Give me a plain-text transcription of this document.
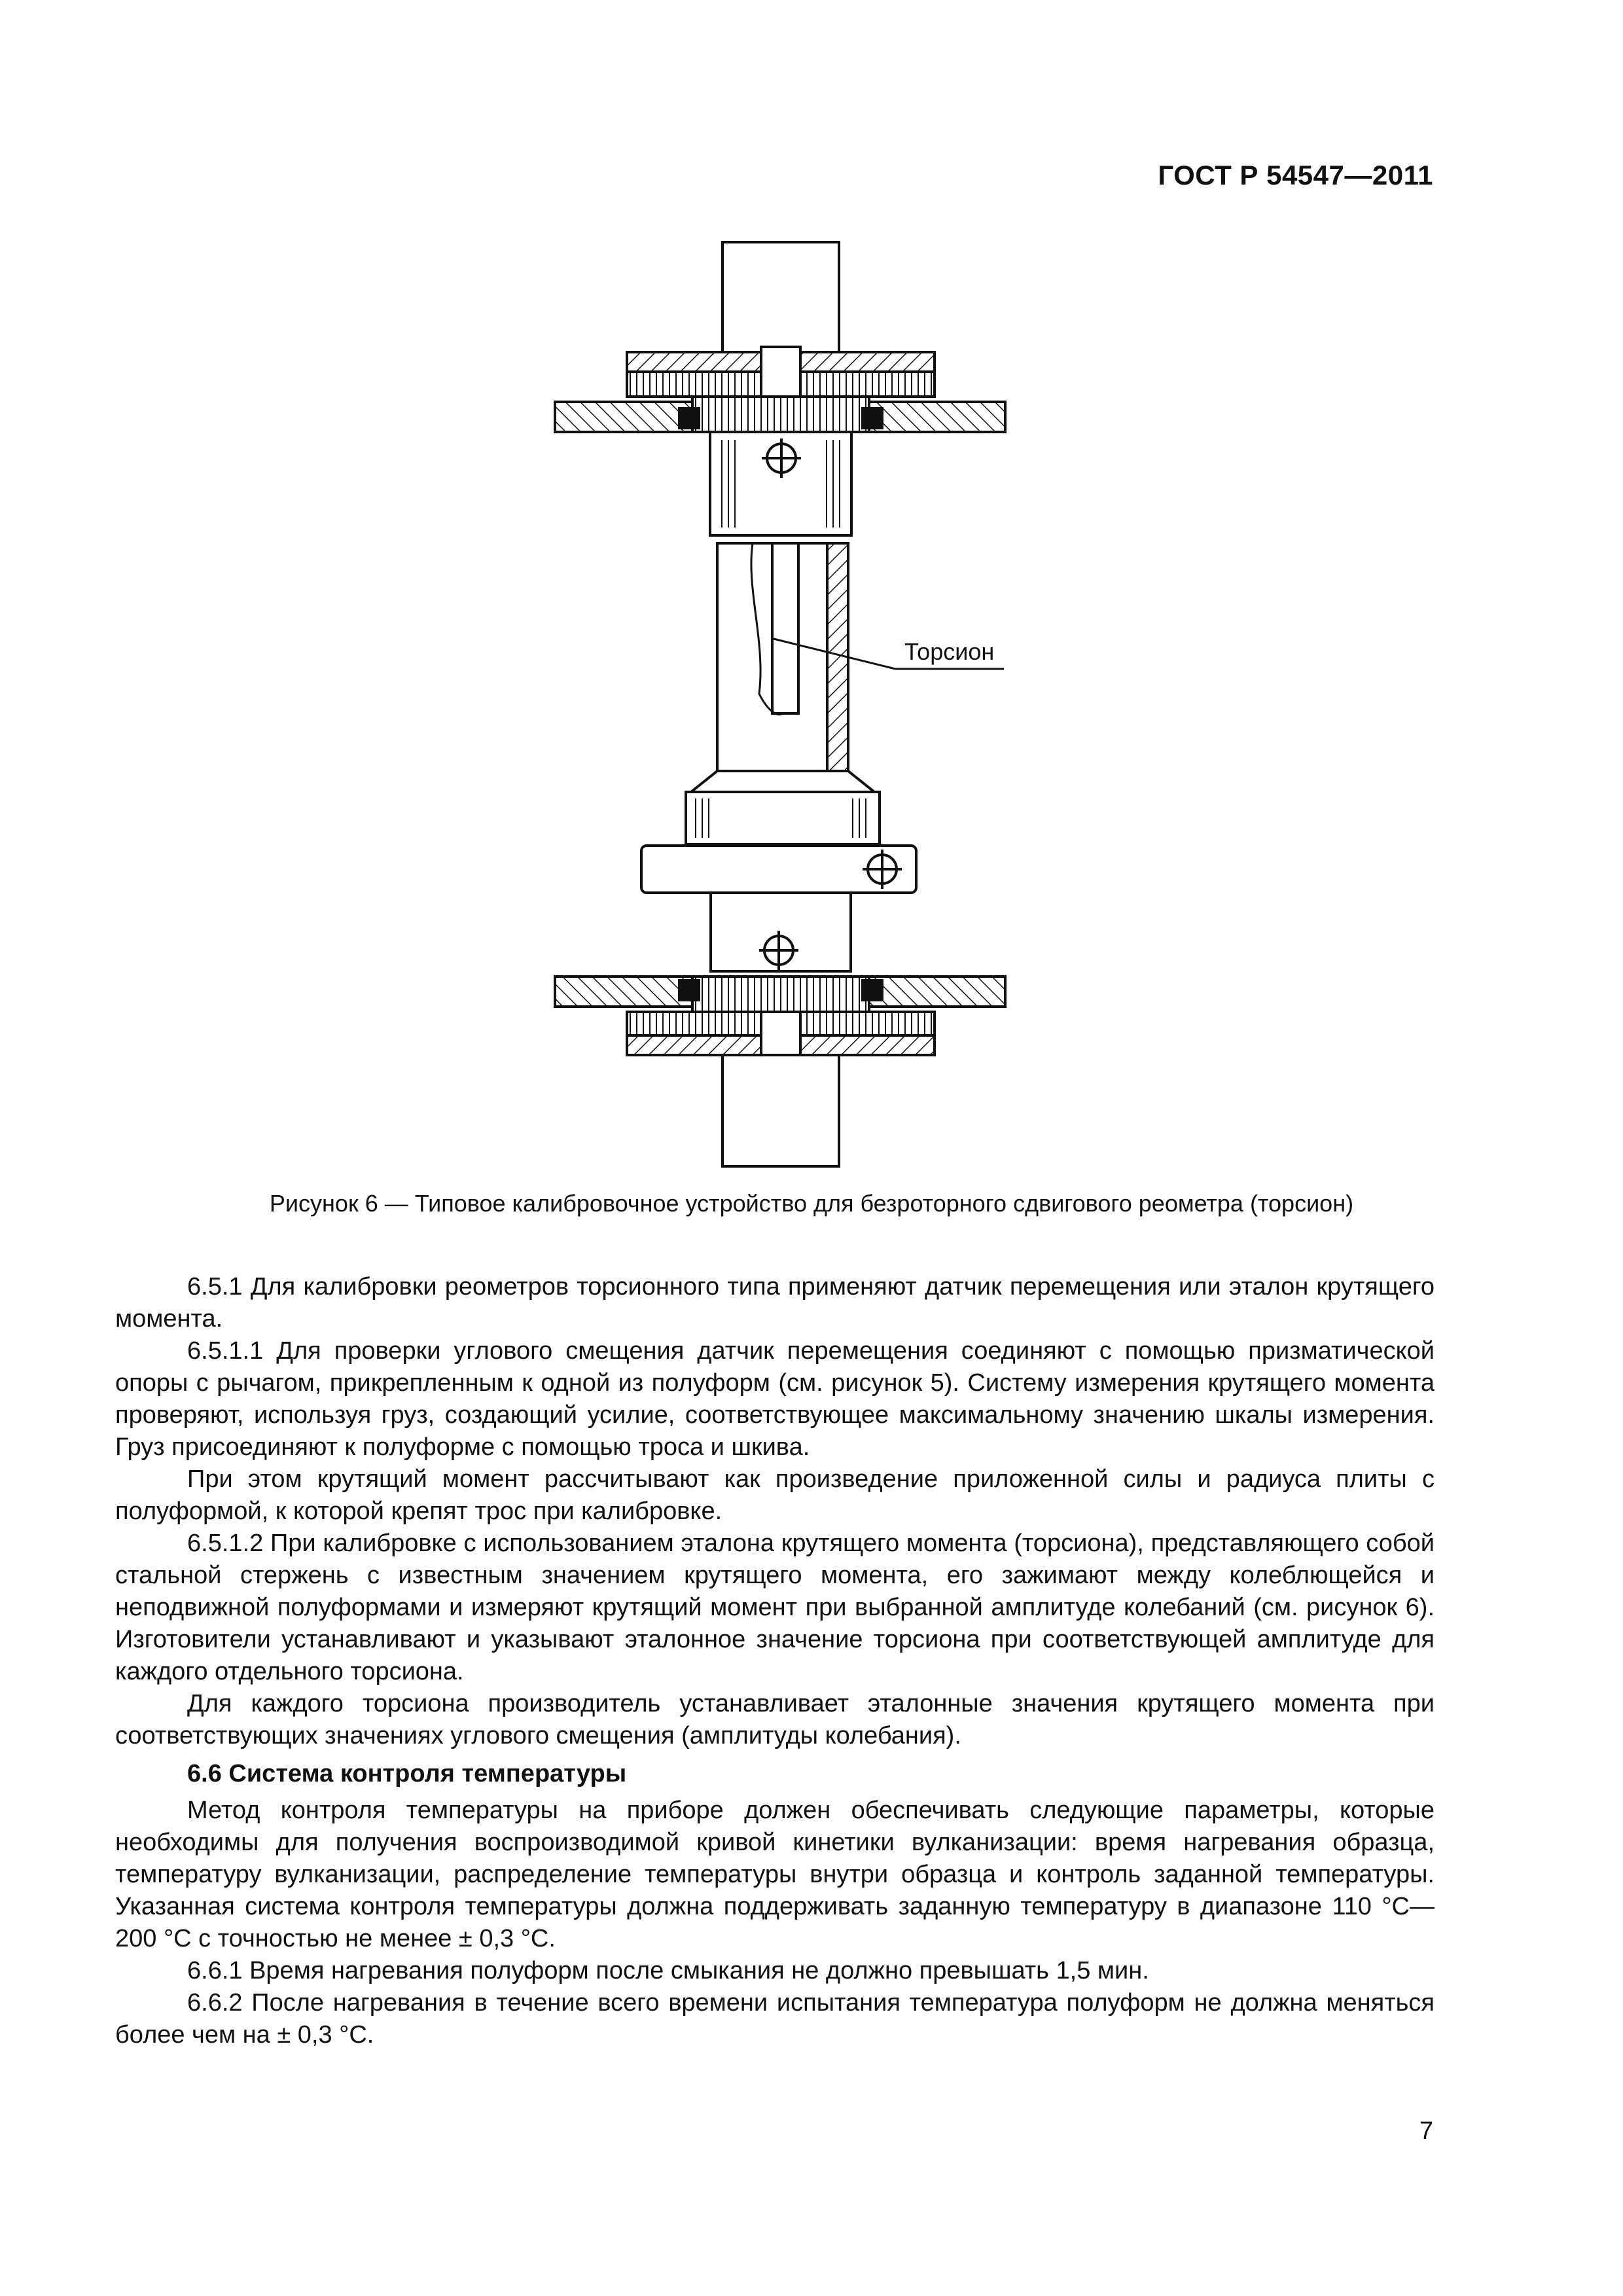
ГОСТ Р 54547—2011
Торсион
Рисунок 6 — Типовое калибровочное устройство для безроторного сдвигового реометра (торсион)

6.5.1 Для калибровки реометров торсионного типа применяют датчик перемещения или эталон крутящего момента.

6.5.1.1 Для проверки углового смещения датчик перемещения соединяют с помощью призматической опоры с рычагом, прикрепленным к одной из полуформ (см. рисунок 5). Систему измерения крутящего момента проверяют, используя груз, создающий усилие, соответствующее максимальному значению шкалы измерения. Груз присоединяют к полуформе с помощью троса и шкива.

При этом крутящий момент рассчитывают как произведение приложенной силы и радиуса плиты с полуформой, к которой крепят трос при калибровке.

6.5.1.2 При калибровке с использованием эталона крутящего момента (торсиона), представляющего собой стальной стержень с известным значением крутящего момента, его зажимают между колеблющейся и неподвижной полуформами и измеряют крутящий момент при выбранной амплитуде колебаний (см. рисунок 6). Изготовители устанавливают и указывают эталонное значение торсиона при соответствующей амплитуде для каждого отдельного торсиона.

Для каждого торсиона производитель устанавливает эталонные значения крутящего момента при соответствующих значениях углового смещения (амплитуды колебания).

6.6 Система контроля температуры

Метод контроля температуры на приборе должен обеспечивать следующие параметры, которые необходимы для получения воспроизводимой кривой кинетики вулканизации: время нагревания образца, температуру вулканизации, распределение температуры внутри образца и контроль заданной температуры. Указанная система контроля температуры должна поддерживать заданную температуру в диапазоне 110 °С—200 °С с точностью не менее ± 0,3 °С.

6.6.1 Время нагревания полуформ после смыкания не должно превышать 1,5 мин.

6.6.2 После нагревания в течение всего времени испытания температура полуформ не должна меняться более чем на ± 0,3 °С.

7
